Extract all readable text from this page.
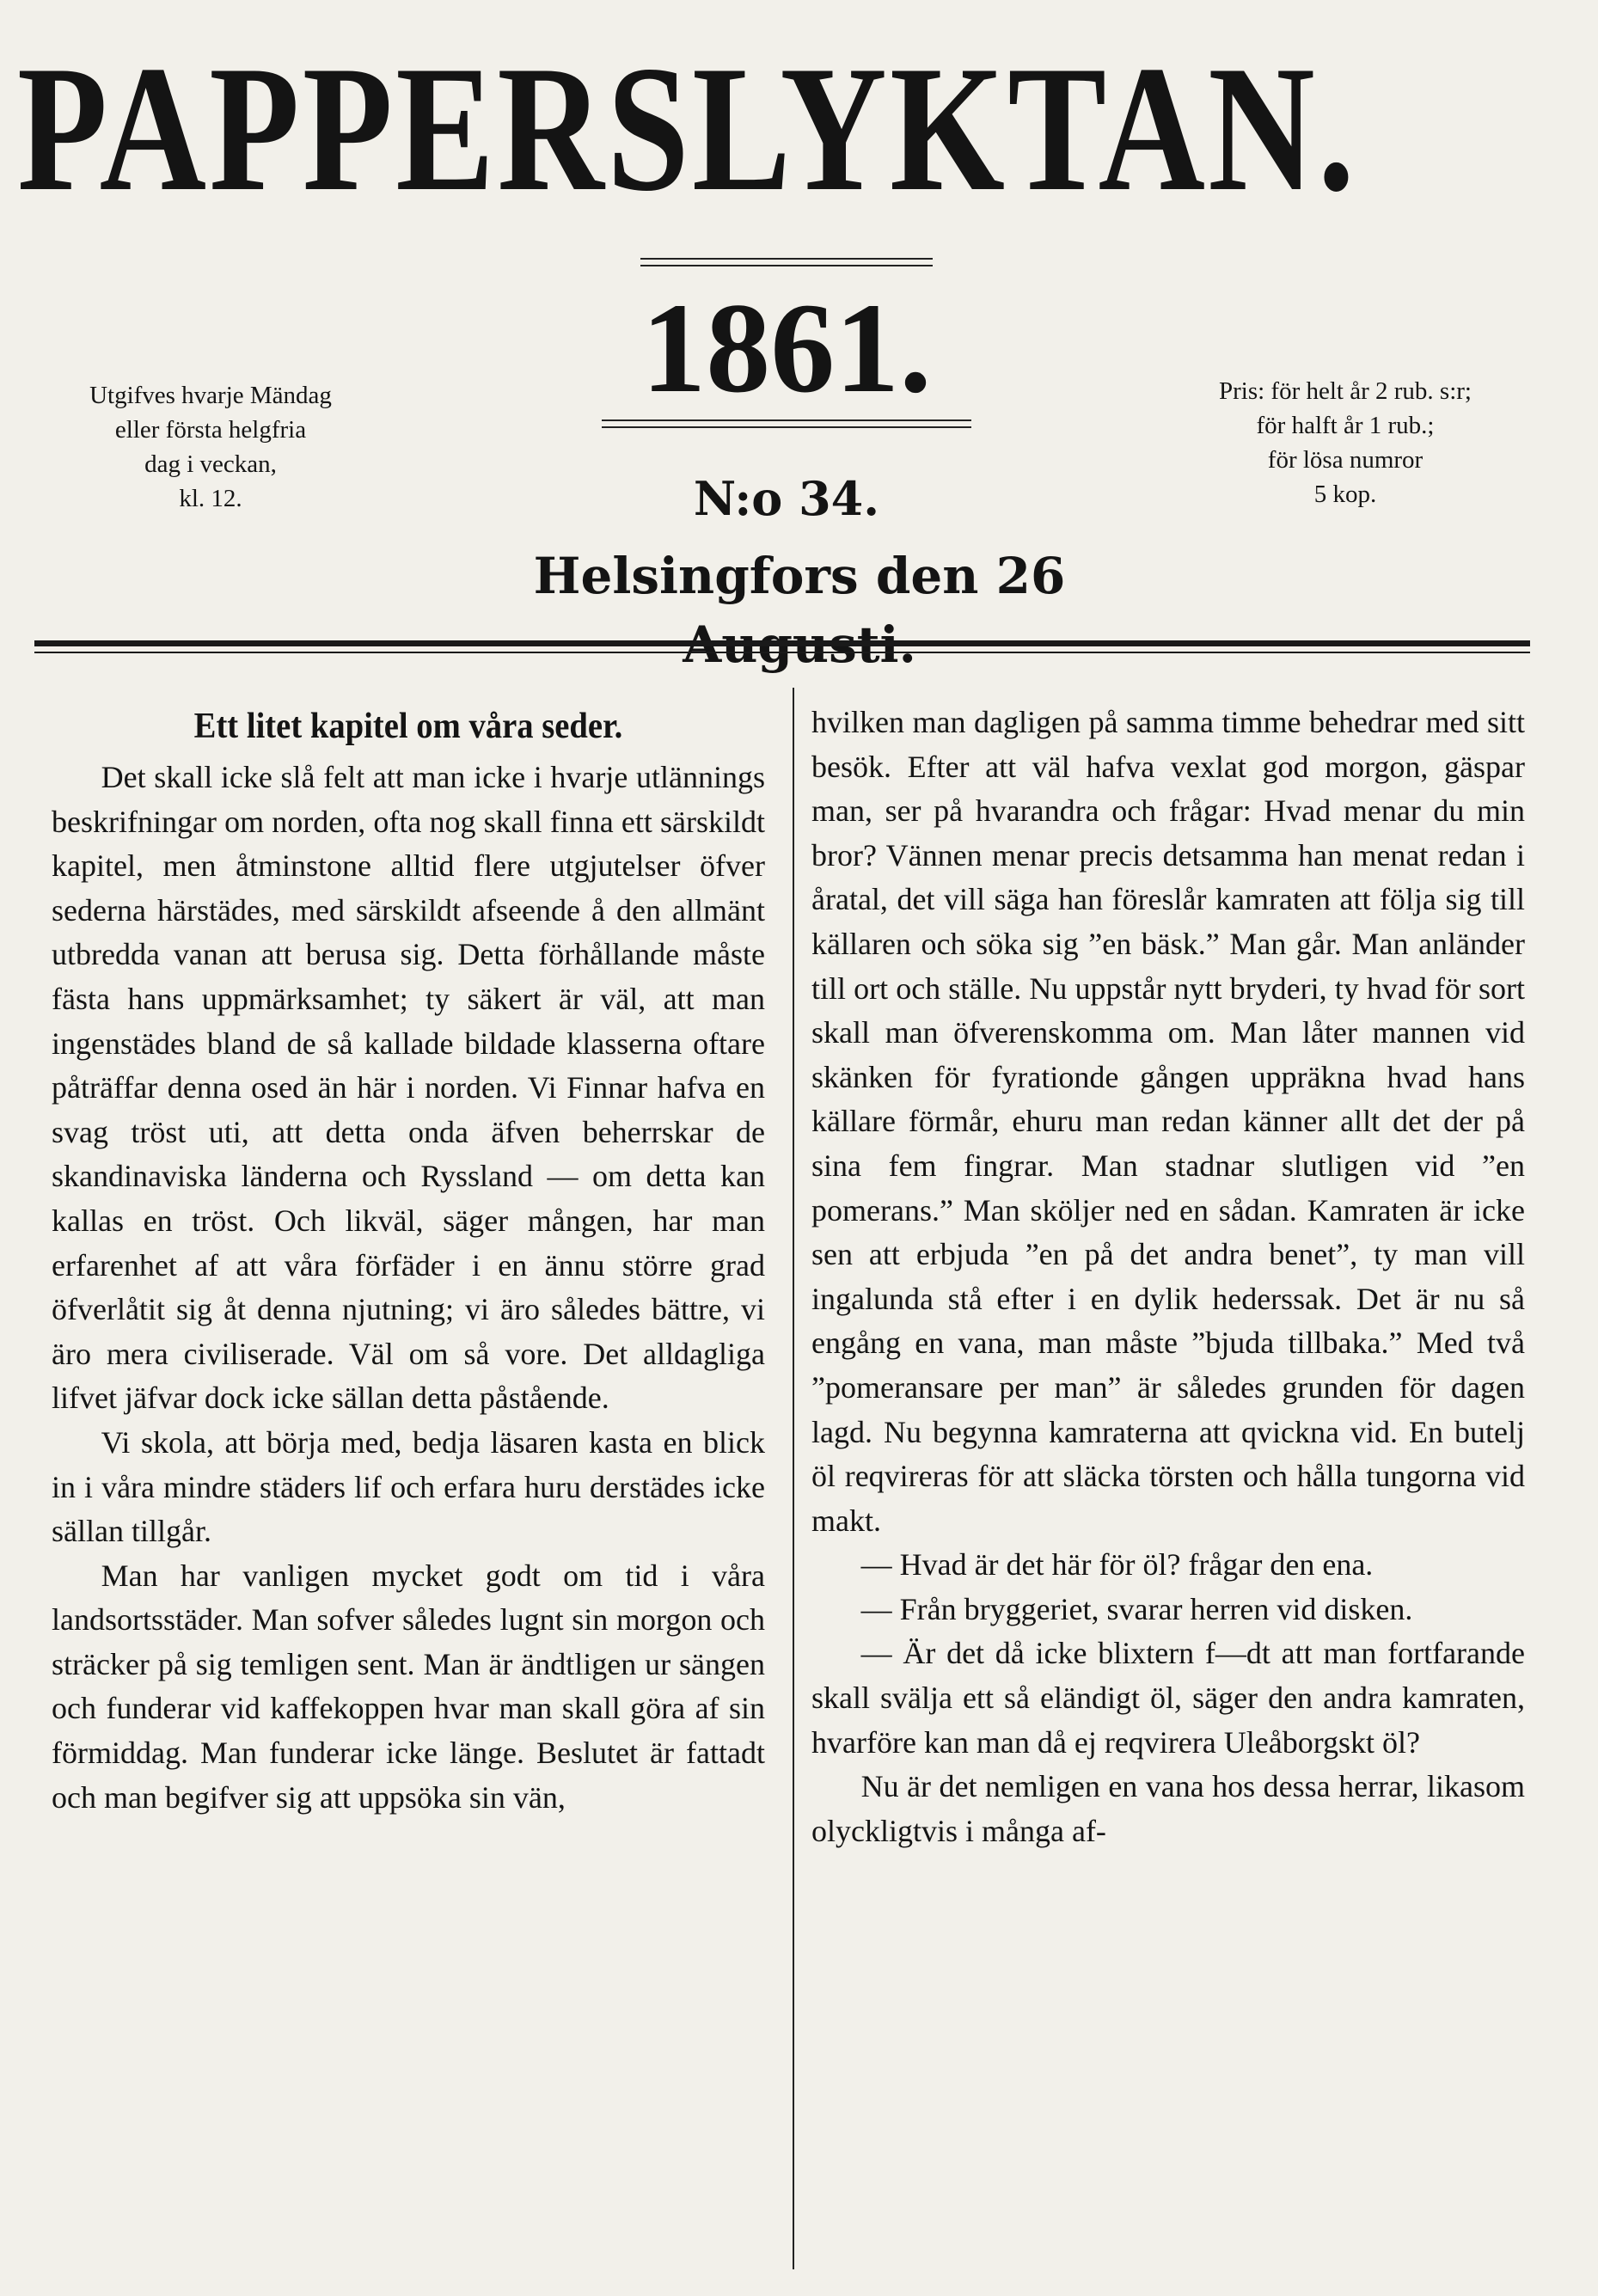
PAPPERSLYKTAN.
1861.
Utgifves hvarje Mändag
eller första helgfria
dag i veckan,
kl. 12.
Pris: för helt år 2 rub. s:r;
för halft år 1 rub.;
för lösa numror
5 kop.
N:o 34.
Helsingfors den 26
Ett litet kapitel om våra seder.

Det skall icke slå felt att man icke i hvarje utlännings beskrifningar om norden, ofta nog skall finna ett särskildt kapitel, men åtminstone alltid flere utgjutelser öfver sederna härstädes, med särskildt afseende å den allmänt utbredda vanan att berusa sig. Detta förhållande måste fästa hans uppmärksamhet; ty säkert är väl, att man ingenstädes bland de så kallade bildade klasserna oftare påträffar denna osed än här i norden. Vi Finnar hafva en svag tröst uti, att detta onda äfven beherrskar de skandinaviska länderna och Ryssland — om detta kan kallas en tröst. Och likväl, säger mången, har man erfarenhet af att våra förfäder i en ännu större grad öfverlåtit sig åt denna njutning; vi äro således bättre, vi äro mera civiliserade. Väl om så vore. Det alldagliga lifvet jäfvar dock icke sällan detta påstående.

Vi skola, att börja med, bedja läsaren kasta en blick in i våra mindre städers lif och erfara huru derstädes icke sällan tillgår.

Man har vanligen mycket godt om tid i våra landsortsstäder. Man sofver således lugnt sin morgon och sträcker på sig temligen sent. Man är ändtligen ur sängen och funderar vid kaffekoppen hvar man skall göra af sin förmiddag. Man funderar icke länge. Beslutet är fattadt och man begifver sig att uppsöka sin vän,

hvilken man dagligen på samma timme behedrar med sitt besök. Efter att väl hafva vexlat god morgon, gäspar man, ser på hvarandra och frågar: Hvad menar du min bror? Vännen menar precis detsamma han menat redan i åratal, det vill säga han föreslår kamraten att följa sig till källaren och söka sig ”en bäsk.” Man går. Man anländer till ort och ställe. Nu uppstår nytt bryderi, ty hvad för sort skall man öfverenskomma om. Man låter mannen vid skänken för fyrationde gången uppräkna hvad hans källare förmår, ehuru man redan känner allt det der på sina fem fingrar. Man stadnar slutligen vid ”en pomerans.” Man sköljer ned en sådan. Kamraten är icke sen att erbjuda ”en på det andra benet”, ty man vill ingalunda stå efter i en dylik hederssak. Det är nu så engång en vana, man måste ”bjuda tillbaka.” Med två ”pomeransare per man” är således grunden för dagen lagd. Nu begynna kamraterna att qvickna vid. En butelj öl reqvireras för att släcka törsten och hålla tungorna vid makt.

— Hvad är det här för öl? frågar den ena.

— Från bryggeriet, svarar herren vid disken.

— Är det då icke blixtern f—dt att man fortfarande skall svälja ett så eländigt öl, säger den andra kamraten, hvarföre kan man då ej reqvirera Uleåborgskt öl?

Nu är det nemligen en vana hos dessa herrar, likasom olyckligtvis i många af-
